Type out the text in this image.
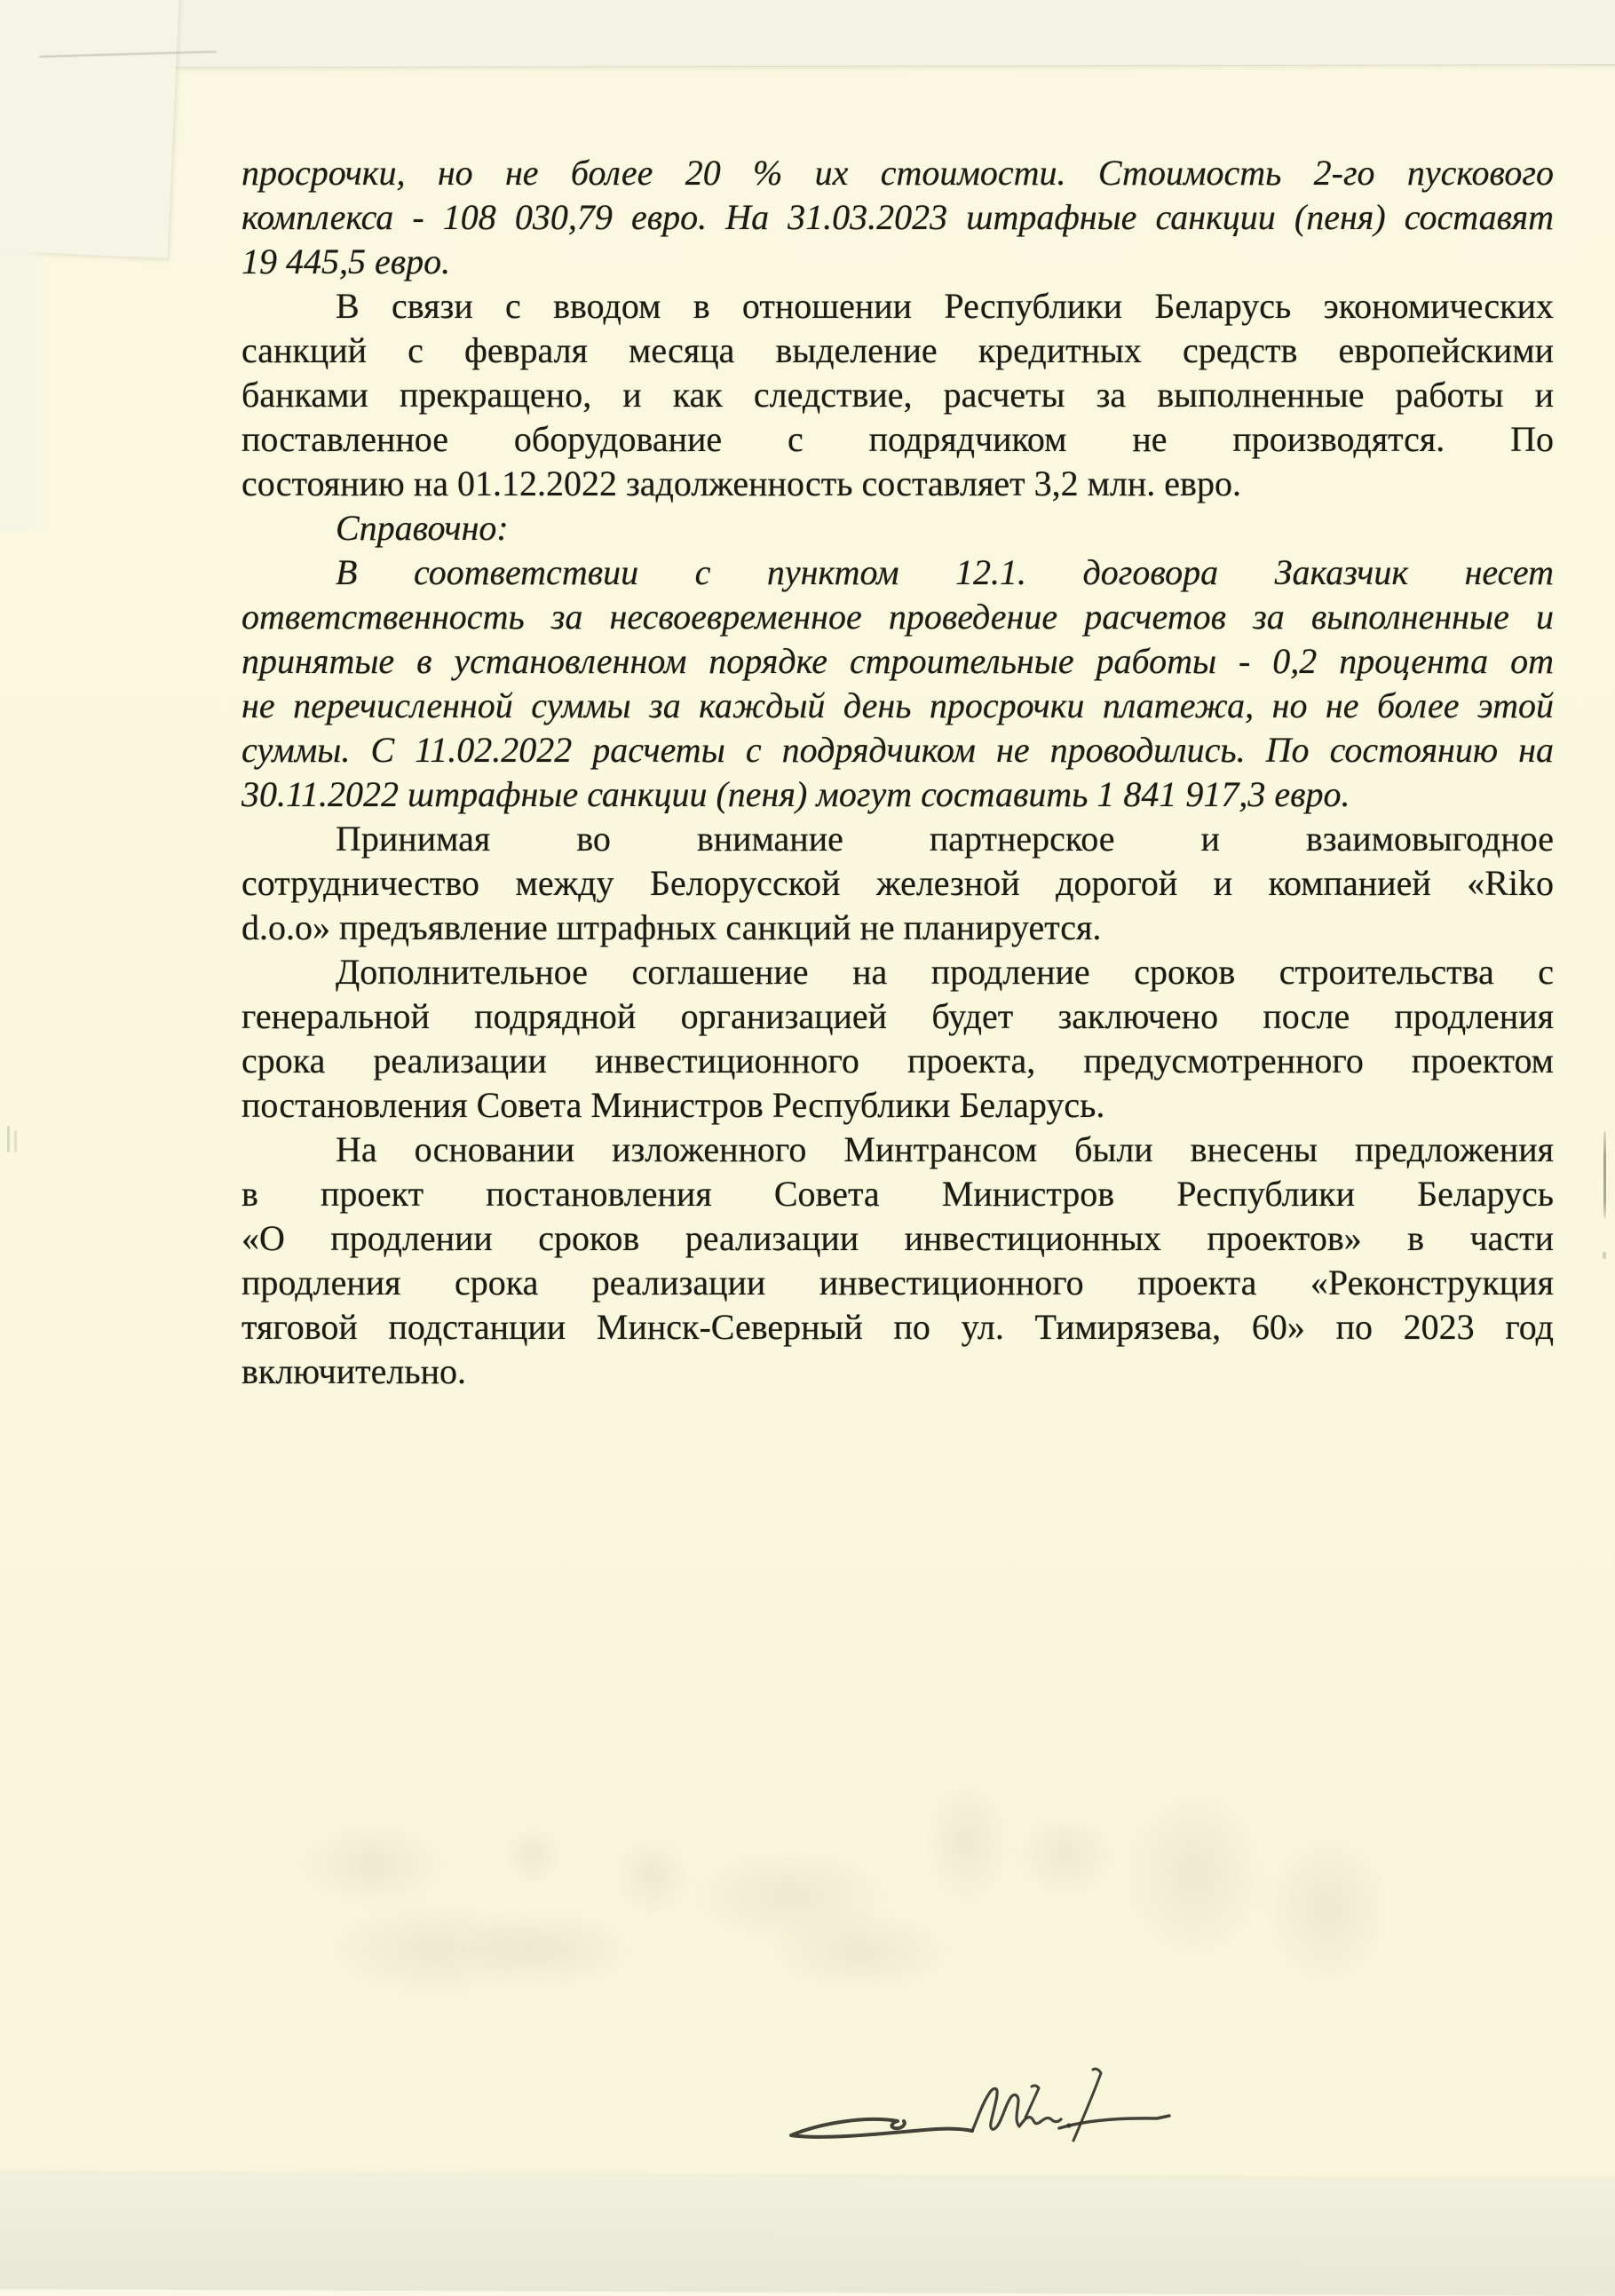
просрочки, но не более 20 % их стоимости. Стоимость 2-го пускового
комплекса - 108 030,79 евро. На 31.03.2023 штрафные санкции (пеня) составят
19 445,5 евро.
В связи с вводом в отношении Республики Беларусь экономических
санкций с февраля месяца выделение кредитных средств европейскими
банками прекращено, и как следствие, расчеты за выполненные работы и
поставленное оборудование с подрядчиком не производятся. По
состоянию на 01.12.2022 задолженность составляет 3,2 млн. евро.
Справочно:
В соответствии с пунктом 12.1. договора Заказчик несет
ответственность за несвоевременное проведение расчетов за выполненные и
принятые в установленном порядке строительные работы - 0,2 процента от
не перечисленной суммы за каждый день просрочки платежа, но не более этой
суммы. С 11.02.2022 расчеты с подрядчиком не проводились. По состоянию на
30.11.2022 штрафные санкции (пеня) могут составить 1 841 917,3 евро.
Принимая во внимание партнерское и взаимовыгодное
сотрудничество между Белорусской железной дорогой и компанией «Riko
d.o.o» предъявление штрафных санкций не планируется.
Дополнительное соглашение на продление сроков строительства с
генеральной подрядной организацией будет заключено после продления
срока реализации инвестиционного проекта, предусмотренного проектом
постановления Совета Министров Республики Беларусь.
На основании изложенного Минтрансом были внесены предложения
в проект постановления Совета Министров Республики Беларусь
«О продлении сроков реализации инвестиционных проектов» в части
продления срока реализации инвестиционного проекта «Реконструкция
тяговой подстанции Минск-Северный по ул. Тимирязева, 60» по 2023 год
включительно.
